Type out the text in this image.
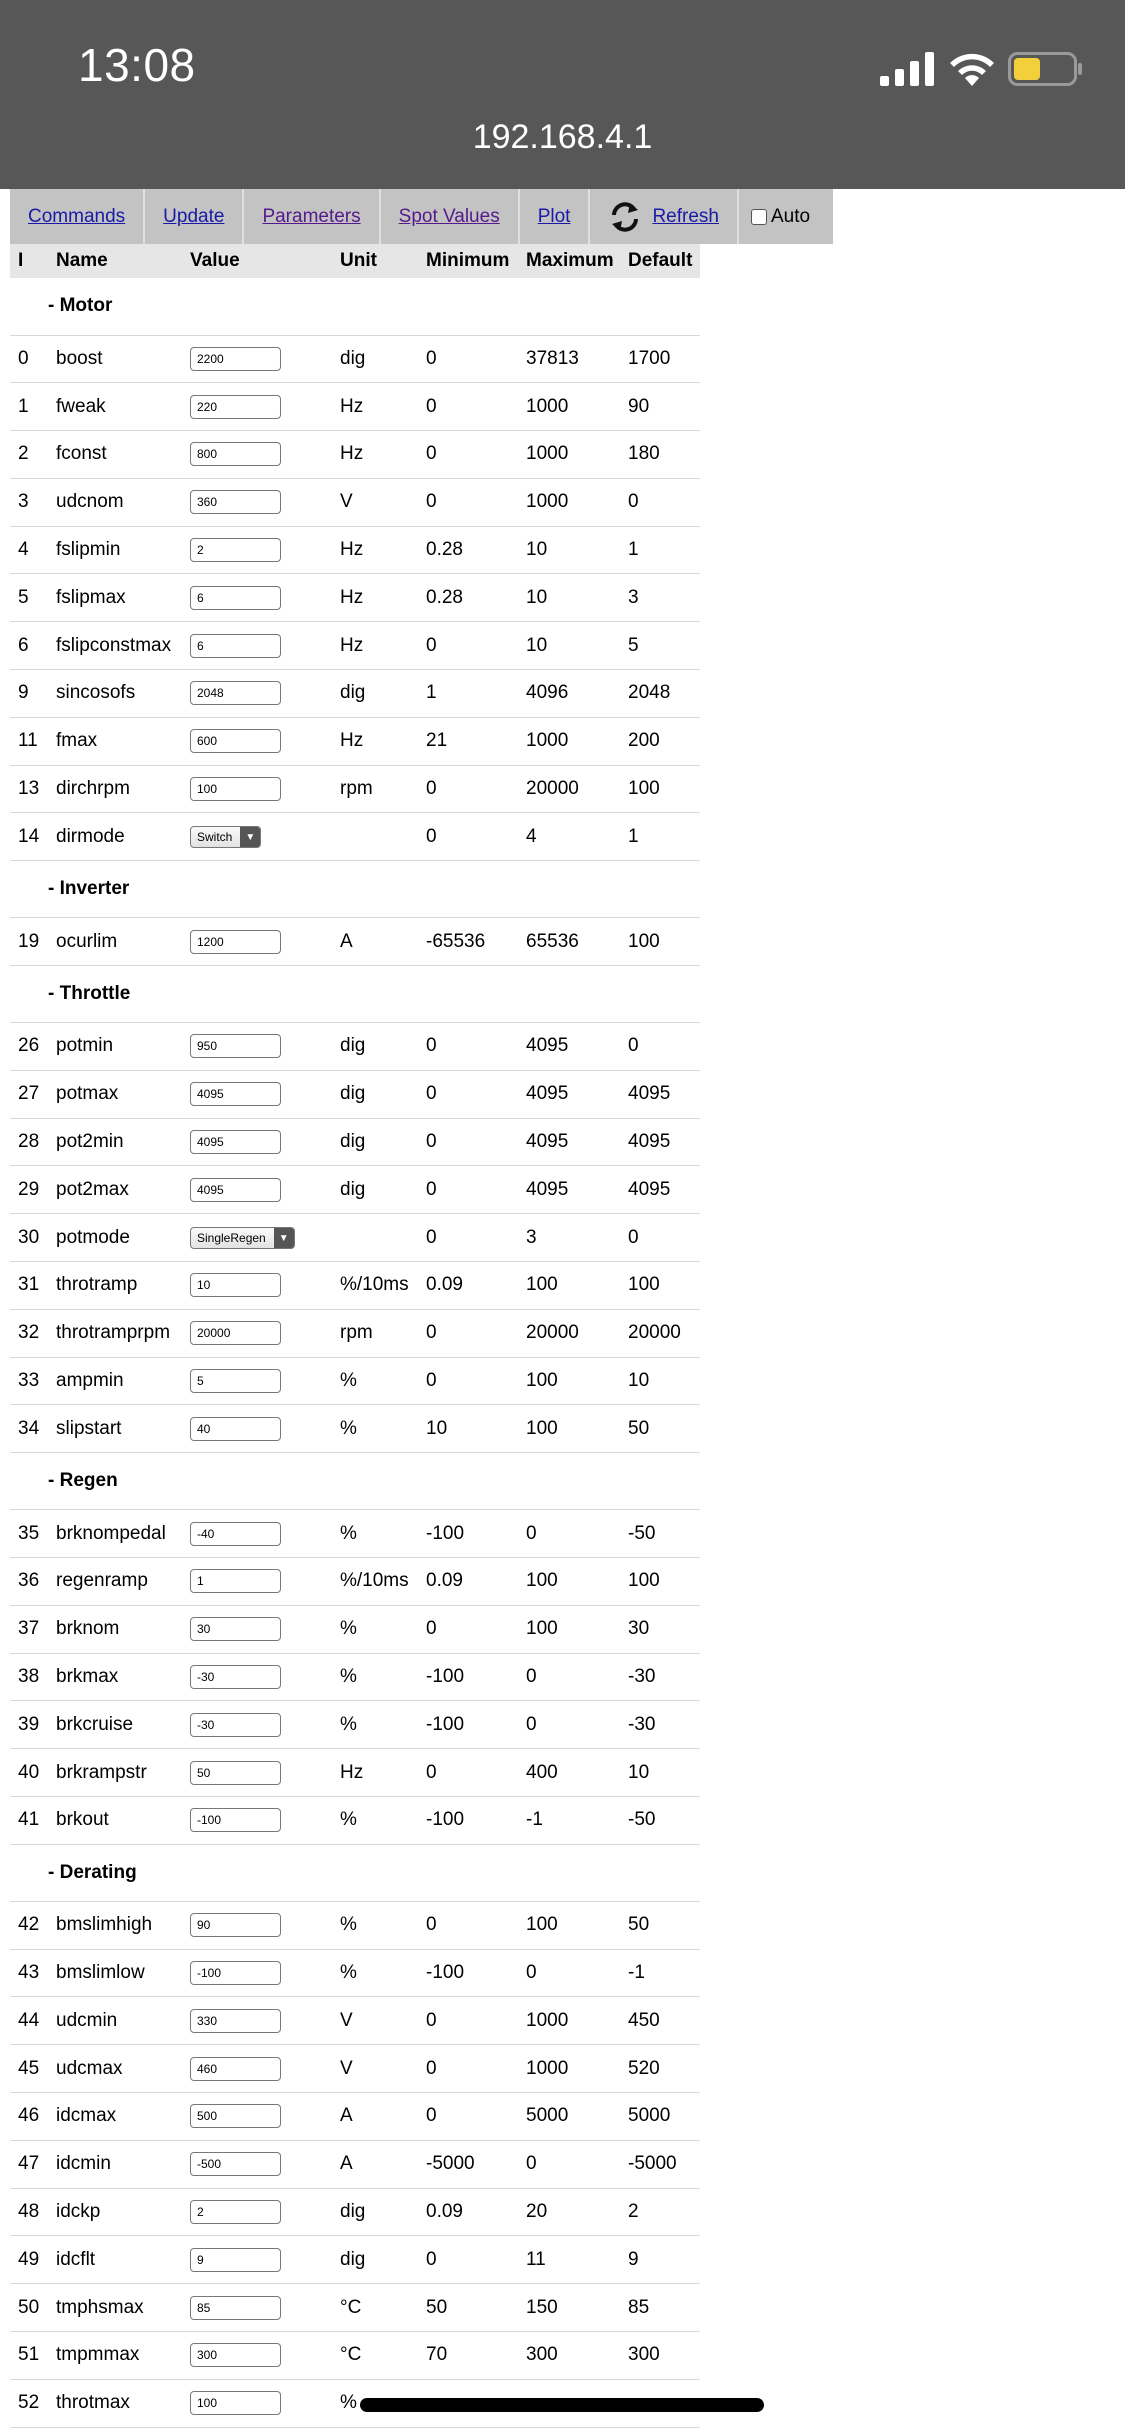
13:08
192.168.4.1
Commands Update Parameters Spot Values Plot	Refresh	Auto
I	Name	Value	Unit	Minimum	Maximum	Default
- Motor						
0	boost	2200	dig	0	37813	1700
1	fweak	220	Hz	0	1000	90
2	fconst	800	Hz	0	1000	180
3	udcnom	360	V	0	1000	0
4	fslipmin	2	Hz	0.28	10	1
5	fslipmax	6	Hz	0.28	10	3
6	fslipconstmax	6	Hz	0	10	5
9	sincosofs	2048	dig	1	4096	2048
11	fmax	600	Hz	21	1000	200
13	dirchrpm	100	rpm	0	20000	100
14	dirmode	Switch ▼		0	4	1
- Inverter						
19	ocurlim	1200	A	-65536	65536	100
- Throttle						
26	potmin	950	dig	0	4095	0
27	potmax	4095	dig	0	4095	4095
28	pot2min	4095	dig	0	4095	4095
29	pot2max	4095	dig	0	4095	4095
30	potmode	SingleRegen ▼		0	3	0
31	throtramp	10	%/10ms	0.09	100	100
32	throtramprpm	20000	rpm	0	20000	20000
33	ampmin	5	%	0	100	10
34	slipstart	40	%	10	100	50
- Regen						
35	brknompedal	-40	%	-100	0	-50
36	regenramp	1	%/10ms	0.09	100	100
37	brknom	30	%	0	100	30
38	brkmax	-30	%	-100	0	-30
39	brkcruise	-30	%	-100	0	-30
40	brkrampstr	50	Hz	0	400	10
41	brkout	-100	%	-100	-1	-50
- Derating						
42	bmslimhigh	90	%	0	100	50
43	bmslimlow	-100	%	-100	0	-1
44	udcmin	330	V	0	1000	450
45	udcmax	460	V	0	1000	520
46	idcmax	500	A	0	5000	5000
47	idcmin	-500	A	-5000	0	-5000
48	idckp	2	dig	0.09	20	2
49	idcflt	9	dig	0	11	9
50	tmphsmax	85	°C	50	150	85
51	tmpmmax	300	°C	70	300	300
52	throtmax	100	%			
